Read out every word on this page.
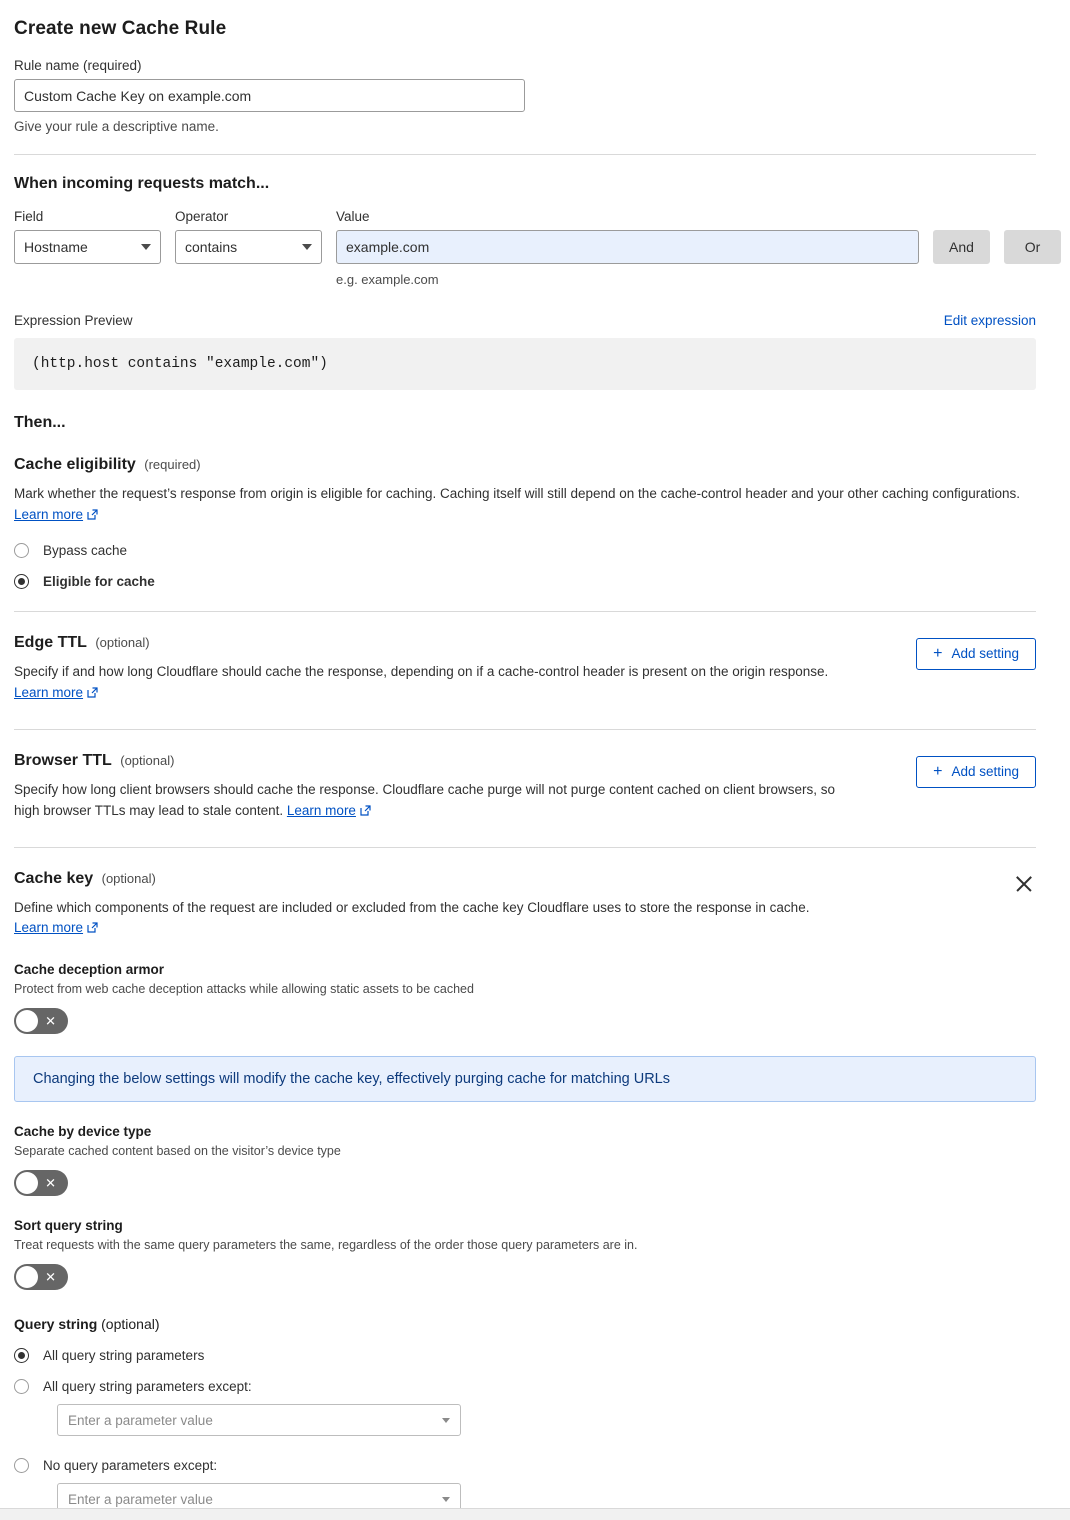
Create new Cache Rule
Rule name (required)
Custom Cache Key on example.com
Give your rule a descriptive name.
When incoming requests match...
Field
Hostname
Operator
contains
Value
example.com
e.g. example.com
And	Or
Expression Preview	Edit expression
(http.host contains "example.com")
Then...
Cache eligibility (required)
Mark whether the request’s response from origin is eligible for caching. Caching itself will still depend on the cache-control header and your other caching configurations. Learn more
Bypass cache
Eligible for cache
Edge TTL (optional)
Specify if and how long Cloudflare should cache the response, depending on if a cache-control header is present on the origin response. Learn more
+ Add setting
Browser TTL (optional)
Specify how long client browsers should cache the response. Cloudflare cache purge will not purge content cached on client browsers, so high browser TTLs may lead to stale content. Learn more
+ Add setting
Cache key (optional)
Define which components of the request are included or excluded from the cache key Cloudflare uses to store the response in cache.
Learn more
Cache deception armor
Protect from web cache deception attacks while allowing static assets to be cached
✕
Changing the below settings will modify the cache key, effectively purging cache for matching URLs
Cache by device type
Separate cached content based on the visitor’s device type
✕
Sort query string
Treat requests with the same query parameters the same, regardless of the order those query parameters are in.
✕
Query string (optional)
All query string parameters
All query string parameters except:
Enter a parameter value
No query parameters except:
Enter a parameter value
